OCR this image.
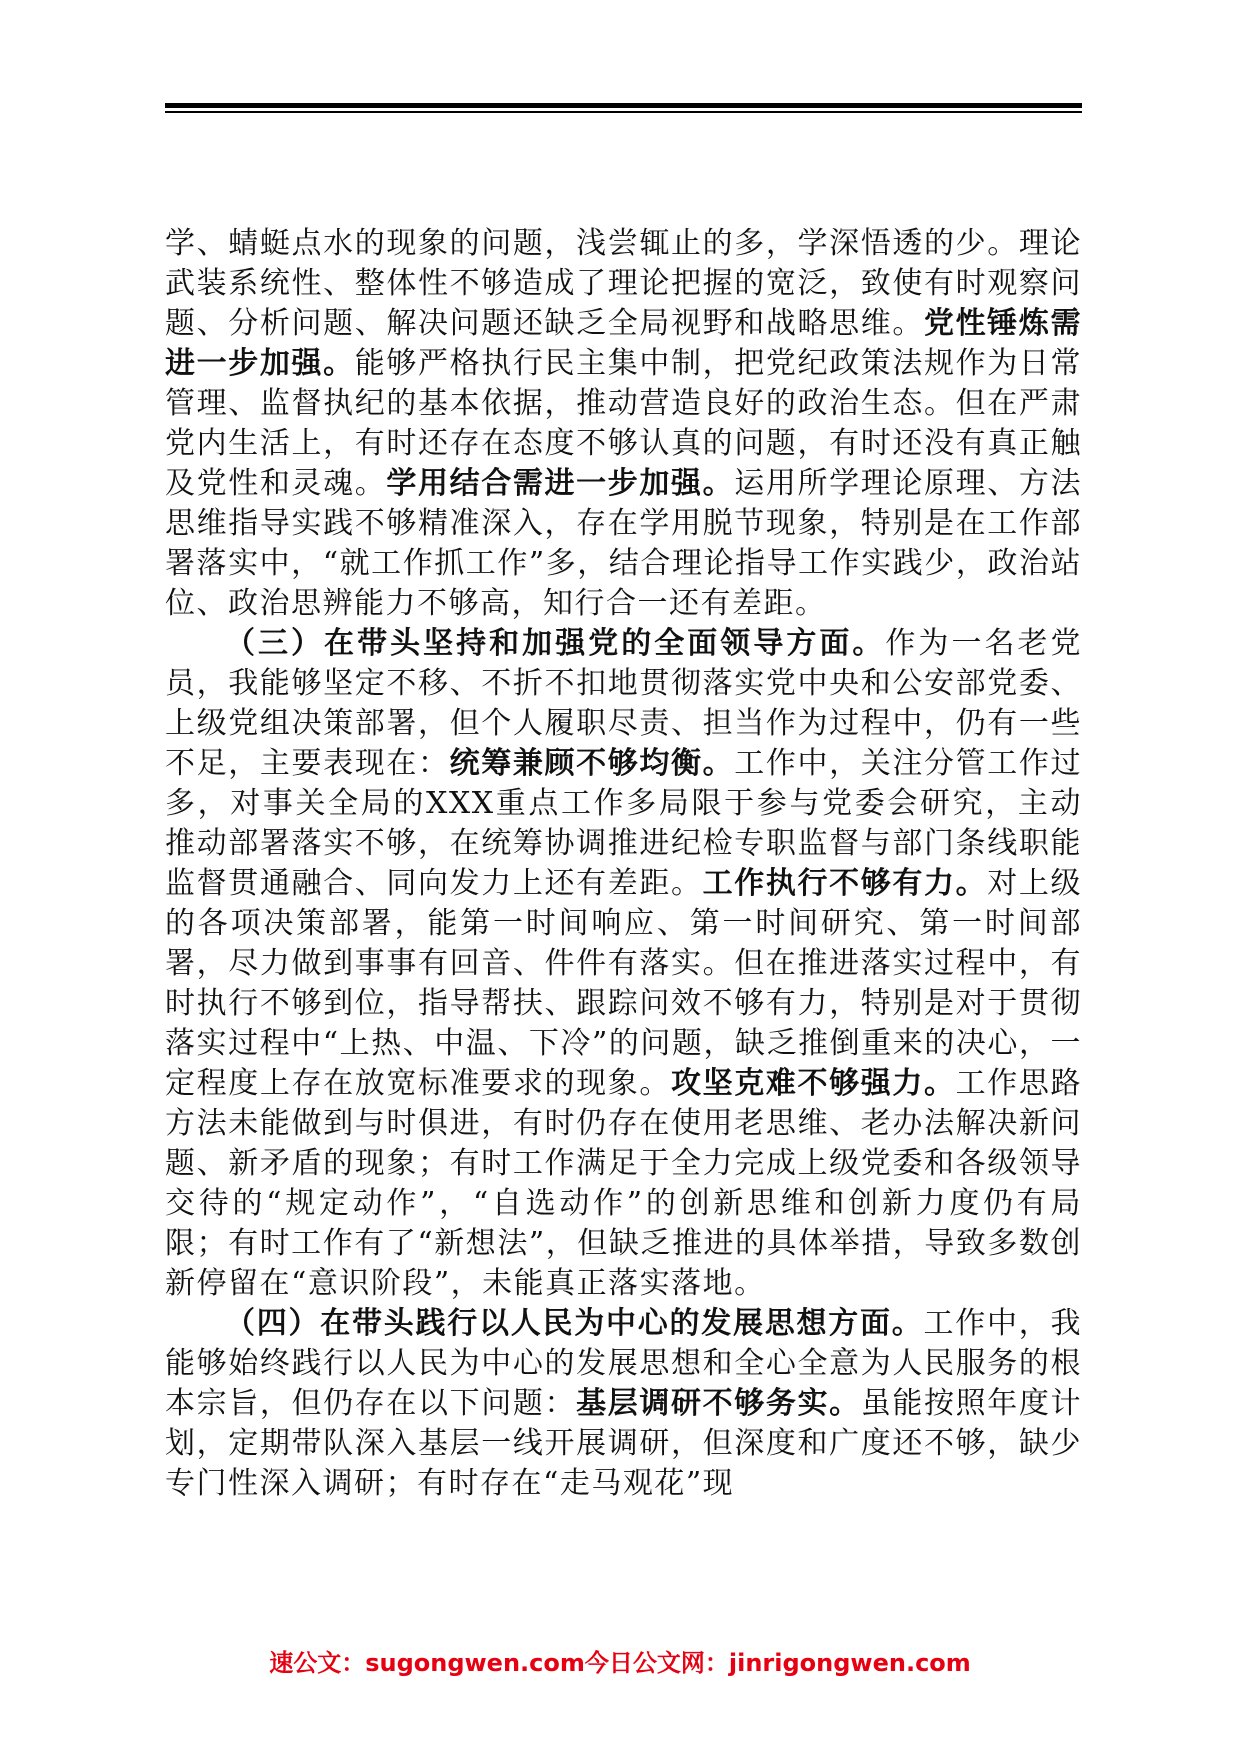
学、蜻蜓点水的现象的问题，浅尝辄止的多，学深悟透的少。理论武装系统性、整体性不够造成了理论把握的宽泛，致使有时观察问题、分析问题、解决问题还缺乏全局视野和战略思维。党性锤炼需进一步加强。能够严格执行民主集中制，把党纪政策法规作为日常管理、监督执纪的基本依据，推动营造良好的政治生态。但在严肃党内生活上，有时还存在态度不够认真的问题，有时还没有真正触及党性和灵魂。学用结合需进一步加强。运用所学理论原理、方法思维指导实践不够精准深入，存在学用脱节现象，特别是在工作部署落实中，“就工作抓工作”多，结合理论指导工作实践少，政治站位、政治思辨能力不够高，知行合一还有差距。

（三）在带头坚持和加强党的全面领导方面。作为一名老党员，我能够坚定不移、不折不扣地贯彻落实党中央和公安部党委、上级党组决策部署，但个人履职尽责、担当作为过程中，仍有一些不足，主要表现在：统筹兼顾不够均衡。工作中，关注分管工作过多，对事关全局的XXX重点工作多局限于参与党委会研究，主动推动部署落实不够，在统筹协调推进纪检专职监督与部门条线职能监督贯通融合、同向发力上还有差距。工作执行不够有力。对上级的各项决策部署，能第一时间响应、第一时间研究、第一时间部署，尽力做到事事有回音、件件有落实。但在推进落实过程中，有时执行不够到位，指导帮扶、跟踪问效不够有力，特别是对于贯彻落实过程中“上热、中温、下冷”的问题，缺乏推倒重来的决心，一定程度上存在放宽标准要求的现象。攻坚克难不够强力。工作思路方法未能做到与时俱进，有时仍存在使用老思维、老办法解决新问题、新矛盾的现象；有时工作满足于全力完成上级党委和各级领导交待的“规定动作”，“自选动作”的创新思维和创新力度仍有局限；有时工作有了“新想法”，但缺乏推进的具体举措，导致多数创新停留在“意识阶段”，未能真正落实落地。

（四）在带头践行以人民为中心的发展思想方面。工作中，我能够始终践行以人民为中心的发展思想和全心全意为人民服务的根本宗旨，但仍存在以下问题：基层调研不够务实。虽能按照年度计划，定期带队深入基层一线开展调研，但深度和广度还不够，缺少专门性深入调研；有时存在“走马观花”现

速公文：sugongwen.com今日公文网：jinrigongwen.com
